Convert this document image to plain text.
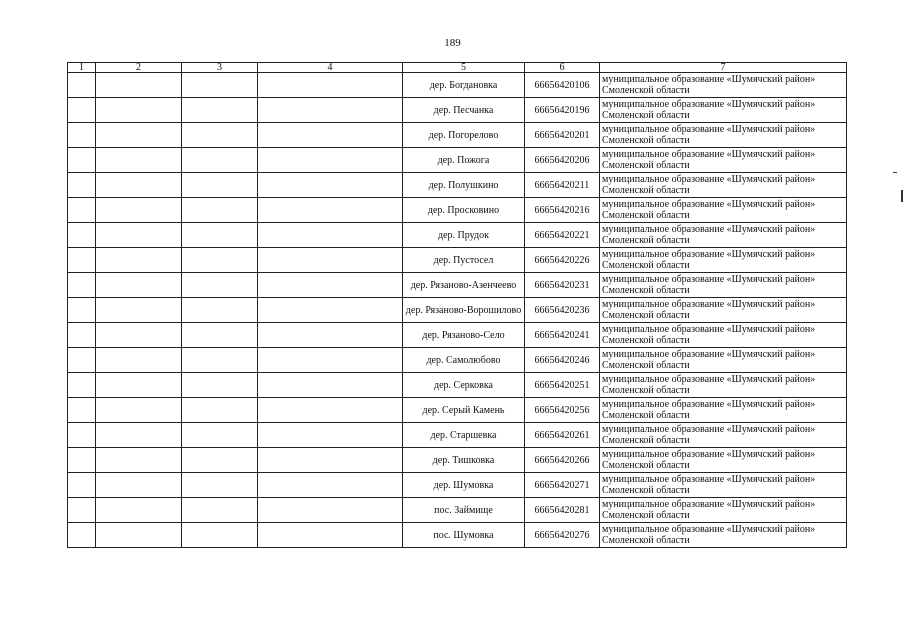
189
1	2	3	4	5	6	7
				дер. Богдановка	66656420106	муниципальное образование «Шумячский район»
Смоленской области

				дер. Песчанка	66656420196	муниципальное образование «Шумячский район»
Смоленской области

				дер. Погорелово	66656420201	муниципальное образование «Шумячский район»
Смоленской области

				дер. Пожога	66656420206	муниципальное образование «Шумячский район»
Смоленской области

				дер. Полушкино	66656420211	муниципальное образование «Шумячский район»
Смоленской области

				дер. Просковино	66656420216	муниципальное образование «Шумячский район»
Смоленской области

				дер. Прудок	66656420221	муниципальное образование «Шумячский район»
Смоленской области

				дер. Пустосел	66656420226	муниципальное образование «Шумячский район»
Смоленской области

				дер. Рязаново-Азенчеево	66656420231	муниципальное образование «Шумячский район»
Смоленской области

				дер. Рязаново-Ворошилово	66656420236	муниципальное образование «Шумячский район»
Смоленской области

				дер. Рязаново-Село	66656420241	муниципальное образование «Шумячский район»
Смоленской области

				дер. Самолюбово	66656420246	муниципальное образование «Шумячский район»
Смоленской области

				дер. Серковка	66656420251	муниципальное образование «Шумячский район»
Смоленской области

				дер. Серый Камень	66656420256	муниципальное образование «Шумячский район»
Смоленской области

				дер. Старшевка	66656420261	муниципальное образование «Шумячский район»
Смоленской области

				дер. Тишковка	66656420266	муниципальное образование «Шумячский район»
Смоленской области

				дер. Шумовка	66656420271	муниципальное образование «Шумячский район»
Смоленской области

				пос. Займище	66656420281	муниципальное образование «Шумячский район»
Смоленской области

				пос. Шумовка	66656420276	муниципальное образование «Шумячский район»
Смоленской области
